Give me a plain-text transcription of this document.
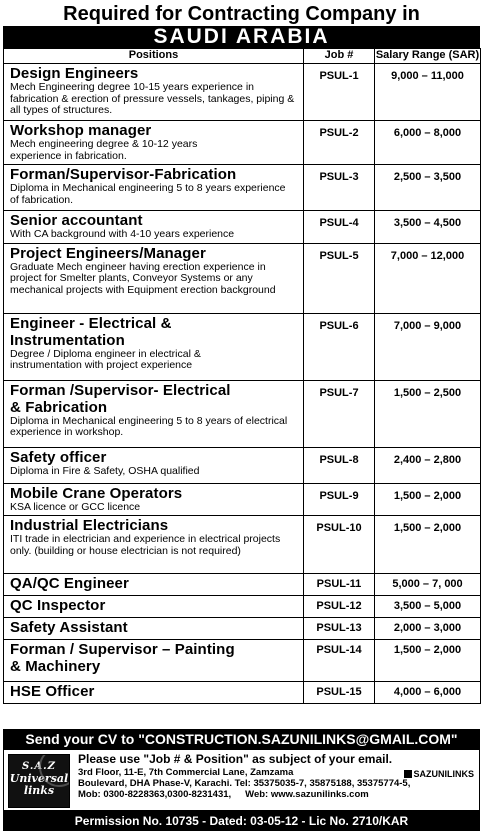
Required for Contracting Company in
SAUDI ARABIA
Positions	Job #	Salary Range (SAR)

Design Engineers
Mech Engineering degree 10-15 years experience in fabrication & erection of pressure vessels, tankages, piping & all types of structures.	PSUL-1	9,000 – 11,000

Workshop manager
Mech engineering degree & 10-12 years experience in fabrication.	PSUL-2	6,000 – 8,000

Forman/Supervisor-Fabrication
Diploma in Mechanical engineering 5 to 8 years experience of fabrication.	PSUL-3	2,500 – 3,500

Senior accountant
With CA background with 4-10 years experience	PSUL-4	3,500 – 4,500

Project Engineers/Manager
Graduate Mech engineer having erection experience in project for Smelter plants, Conveyor Systems or any mechanical projects with Equipment erection background	PSUL-5	7,000 – 12,000

Engineer - Electrical & Instrumentation
Degree / Diploma engineer in electrical & instrumentation with project experience	PSUL-6	7,000 – 9,000

Forman /Supervisor- Electrical & Fabrication
Diploma in Mechanical engineering 5 to 8 years of electrical experience in workshop.	PSUL-7	1,500 – 2,500

Safety officer
Diploma in Fire & Safety, OSHA qualified	PSUL-8	2,400 – 2,800

Mobile Crane Operators
KSA licence or GCC licence	PSUL-9	1,500 – 2,000

Industrial Electricians
ITI trade in electrician and experience in electrical projects only. (building or house electrician is not required)	PSUL-10	1,500 – 2,000

QA/QC Engineer	PSUL-11	5,000 – 7, 000

QC Inspector	PSUL-12	3,500 – 5,000

Safety Assistant	PSUL-13	2,000 – 3,000

Forman / Supervisor – Painting & Machinery	PSUL-14	1,500 – 2,000

HSE Officer	PSUL-15	4,000 – 6,000
Send your CV to "CONSTRUCTION.SAZUNILINKS@GMAIL.COM"
S.A.Z
Universal
links
Please use "Job # & Position" as subject of your email.
3rd Floor, 11-E, 7th Commercial Lane, Zamzama	SAZUNILINKS
Boulevard, DHA Phase-V, Karachi. Tel: 35375035-7, 35875188, 35375774-5,
Mob: 0300-8228363,0300-8231431, Web: www.sazunilinks.com
Permission No. 10735 - Dated: 03-05-12 - Lic No. 2710/KAR
